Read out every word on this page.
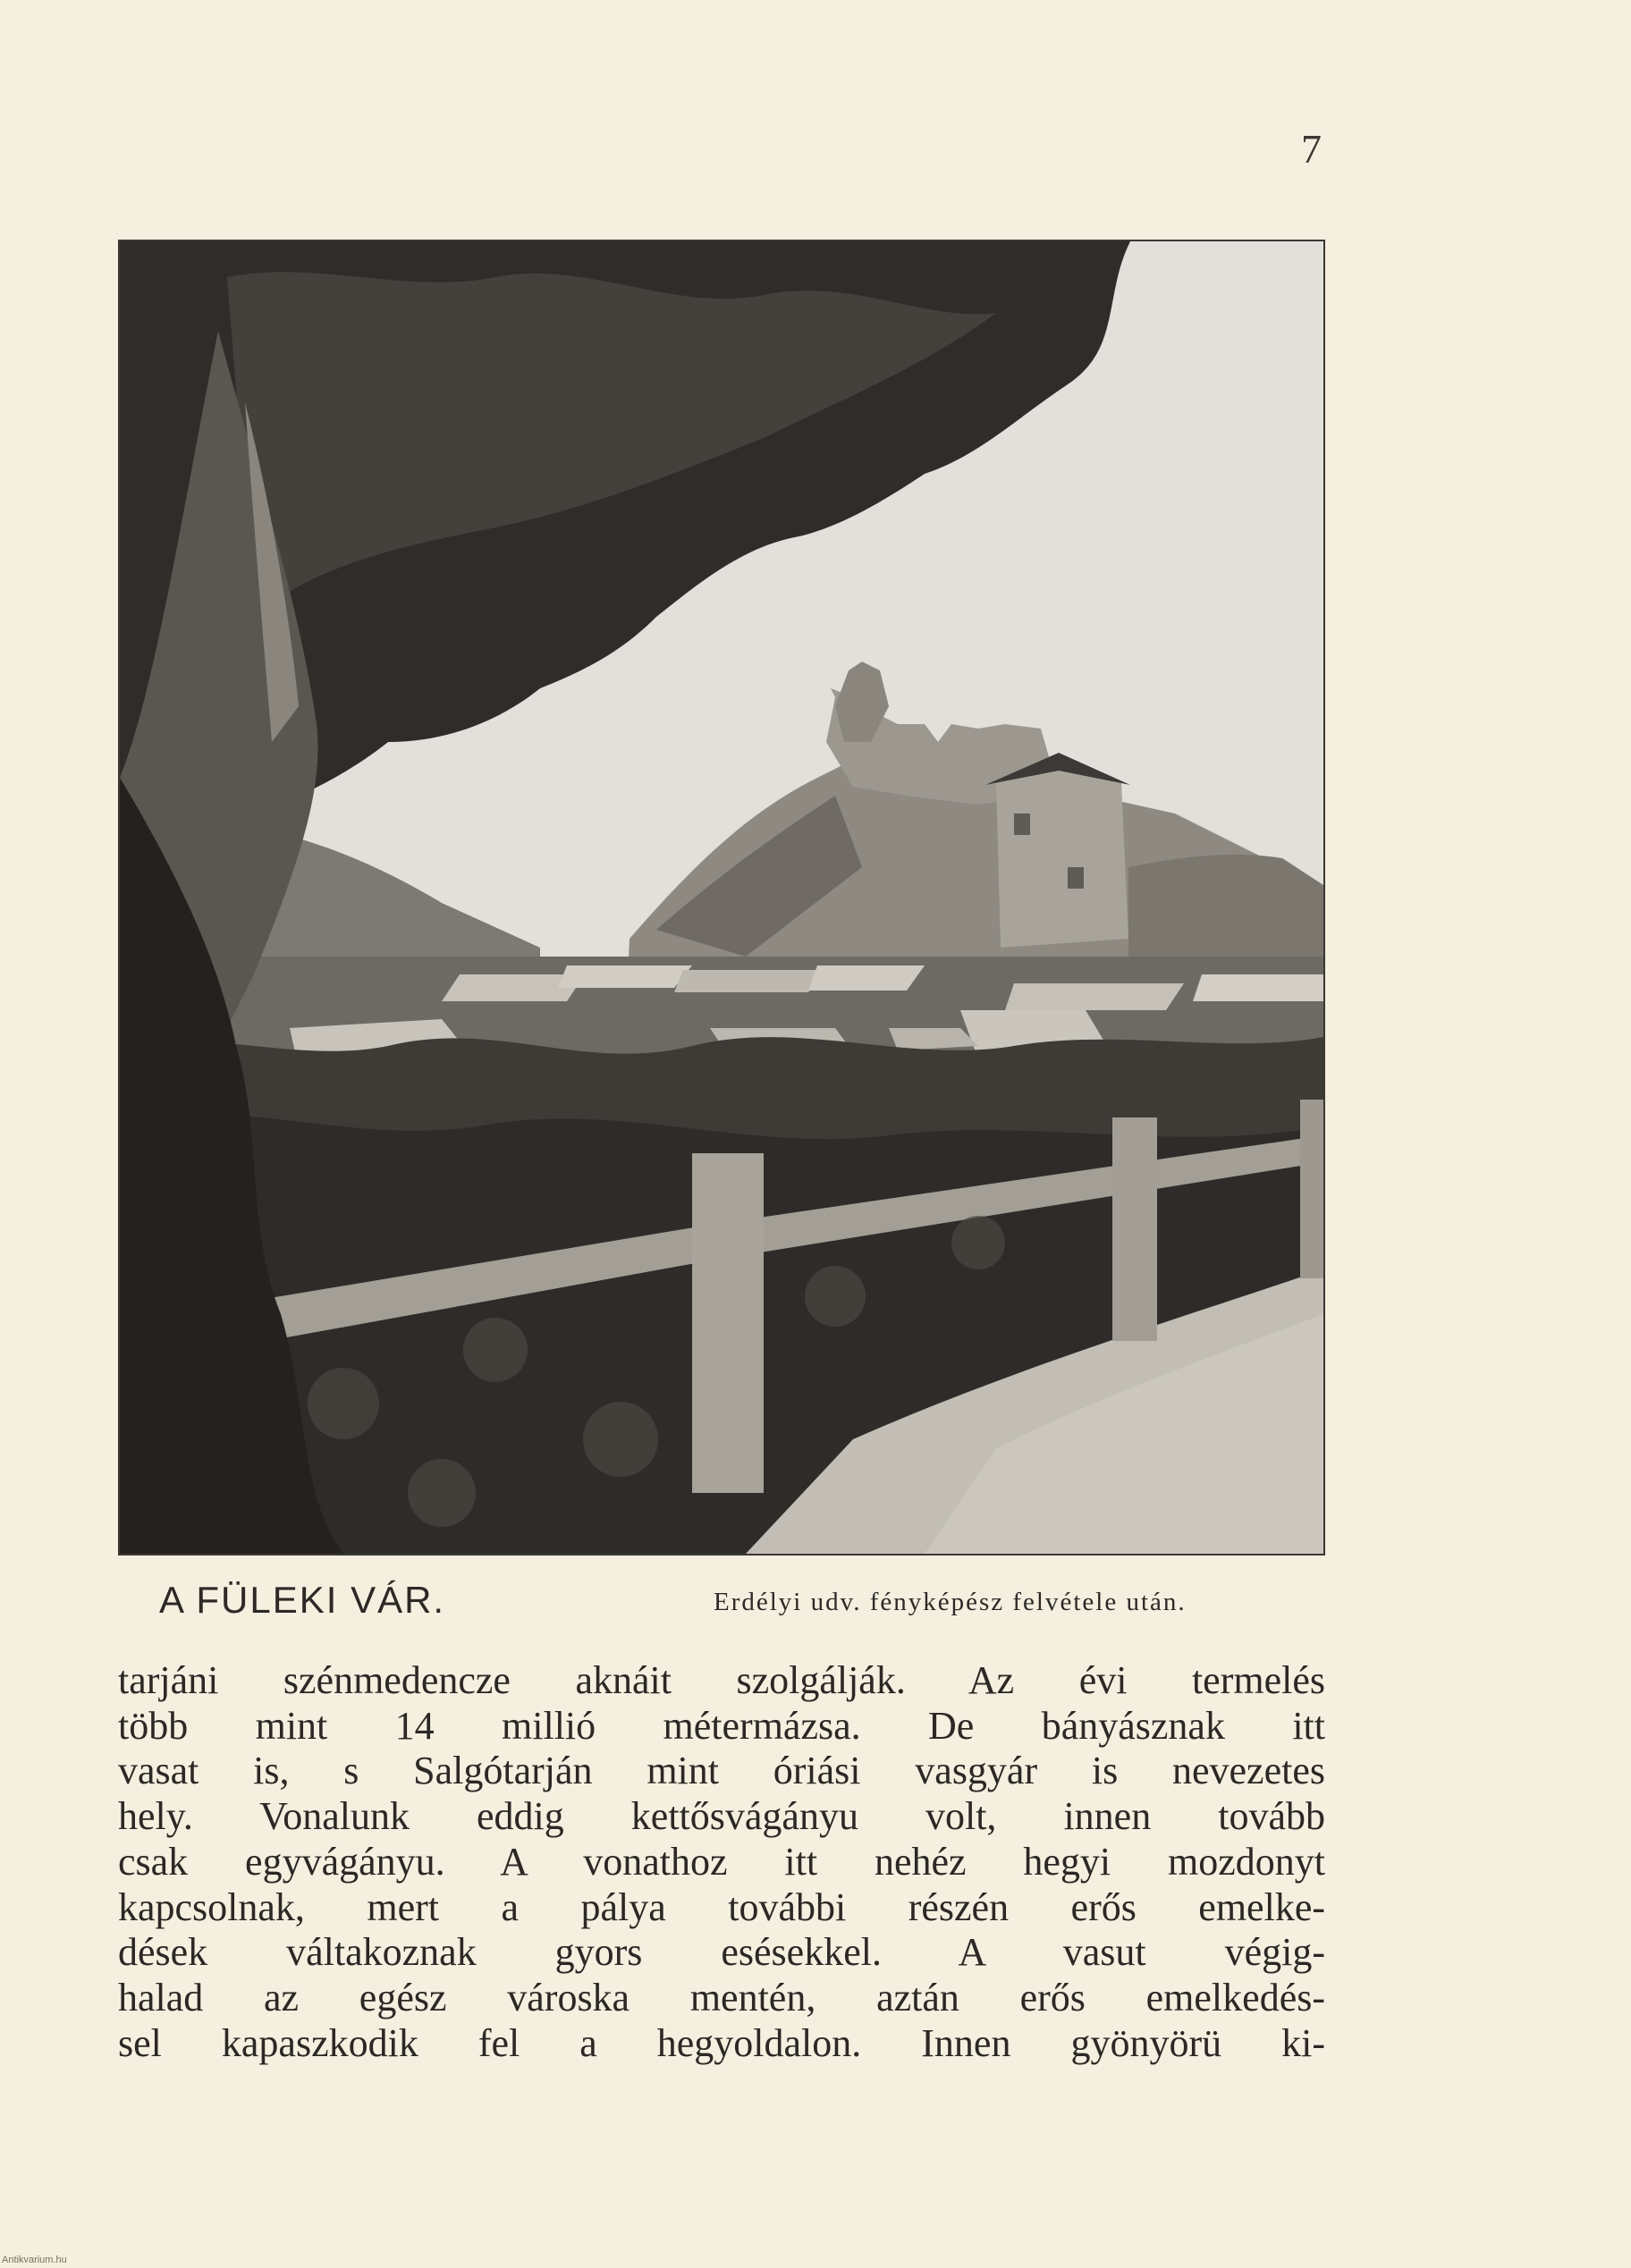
7
A FÜLEKI VÁR.	Erdélyi udv. fényképész felvétele után.
tarjáni szénmedencze aknáit szolgálják. Az évi termelés
több mint 14 millió métermázsa. De bányásznak itt
vasat is, s Salgótarján mint óriási vasgyár is nevezetes
hely. Vonalunk eddig kettősvágányu volt, innen tovább
csak egyvágányu. A vonathoz itt nehéz hegyi mozdonyt
kapcsolnak, mert a pálya további részén erős emelke-
dések váltakoznak gyors esésekkel. A vasut végig-
halad az egész városka mentén, aztán erős emelkedés-
sel kapaszkodik fel a hegyoldalon. Innen gyönyörü ki-
Antikvarium.hu
